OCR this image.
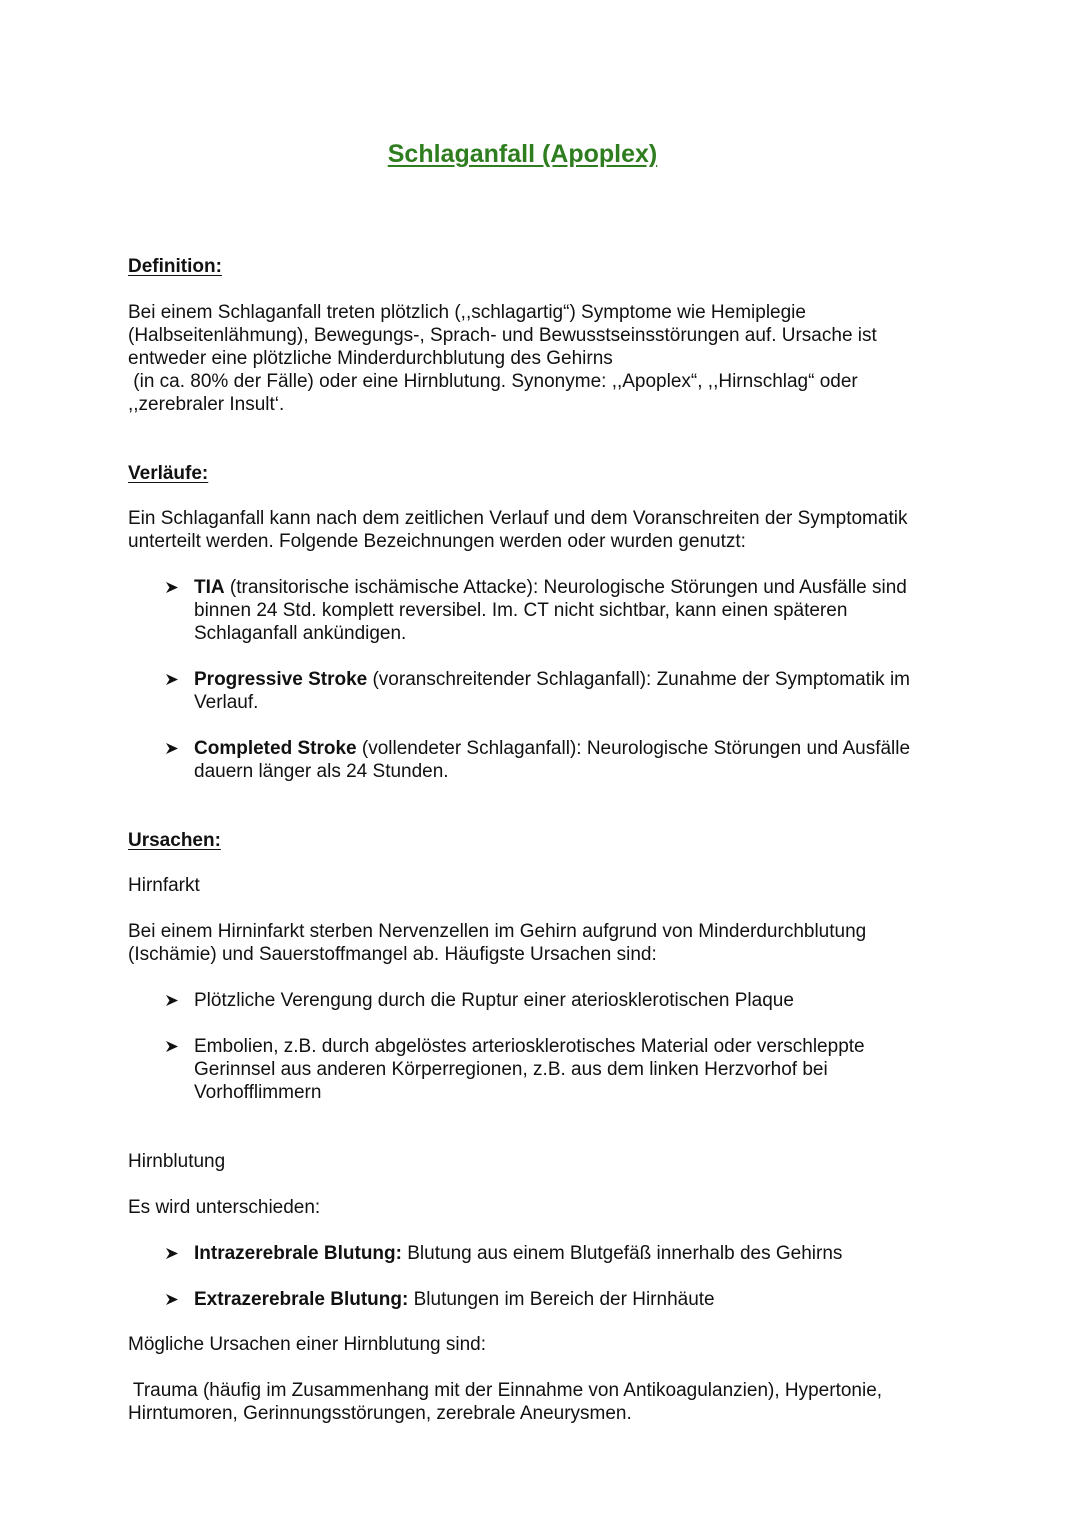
Schlaganfall (Apoplex)
Definition:
Bei einem Schlaganfall treten plötzlich (,,schlagartig“) Symptome wie Hemiplegie
(Halbseitenlähmung), Bewegungs-, Sprach- und Bewusstseinsstörungen auf. Ursache ist
entweder eine plötzliche Minderdurchblutung des Gehirns
(in ca. 80% der Fälle) oder eine Hirnblutung. Synonyme: ,,Apoplex“, ,,Hirnschlag“ oder
,,zerebraler Insult‘.
Verläufe:
Ein Schlaganfall kann nach dem zeitlichen Verlauf und dem Voranschreiten der Symptomatik
unterteilt werden. Folgende Bezeichnungen werden oder wurden genutzt:
TIA (transitorische ischämische Attacke): Neurologische Störungen und Ausfälle sind
binnen 24 Std. komplett reversibel. Im. CT nicht sichtbar, kann einen späteren
Schlaganfall ankündigen.
Progressive Stroke (voranschreitender Schlaganfall): Zunahme der Symptomatik im
Verlauf.
Completed Stroke (vollendeter Schlaganfall): Neurologische Störungen und Ausfälle
dauern länger als 24 Stunden.
Ursachen:
Hirnfarkt
Bei einem Hirninfarkt sterben Nervenzellen im Gehirn aufgrund von Minderdurchblutung
(Ischämie) und Sauerstoffmangel ab. Häufigste Ursachen sind:
Plötzliche Verengung durch die Ruptur einer ateriosklerotischen Plaque
Embolien, z.B. durch abgelöstes arteriosklerotisches Material oder verschleppte
Gerinnsel aus anderen Körperregionen, z.B. aus dem linken Herzvorhof bei
Vorhofflimmern
Hirnblutung
Es wird unterschieden:
Intrazerebrale Blutung: Blutung aus einem Blutgefäß innerhalb des Gehirns
Extrazerebrale Blutung: Blutungen im Bereich der Hirnhäute
Mögliche Ursachen einer Hirnblutung sind:
Trauma (häufig im Zusammenhang mit der Einnahme von Antikoagulanzien), Hypertonie,
Hirntumoren, Gerinnungsstörungen, zerebrale Aneurysmen.
